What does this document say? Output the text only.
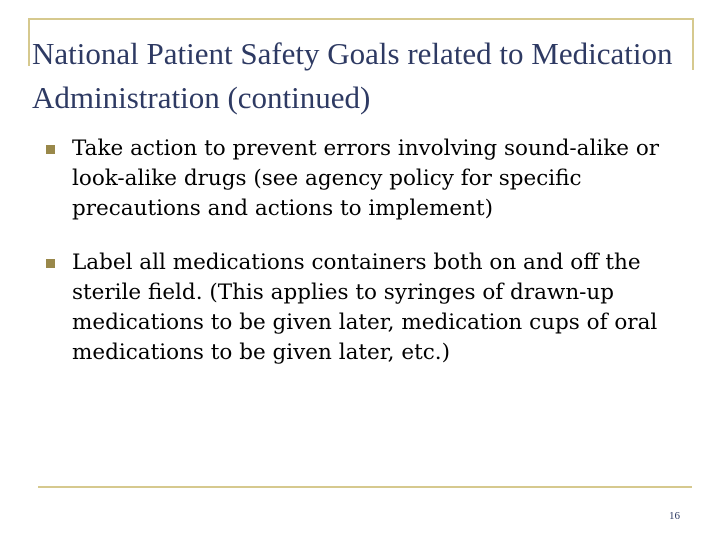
National Patient Safety Goals related to Medication Administration (continued)
Take action to prevent errors involving sound-alike or look-alike drugs (see agency policy for specific precautions and actions to implement)
Label all medications containers both on and off the sterile field. (This applies to syringes of drawn-up medications to be given later, medication cups of oral medications to be given later, etc.)
16
